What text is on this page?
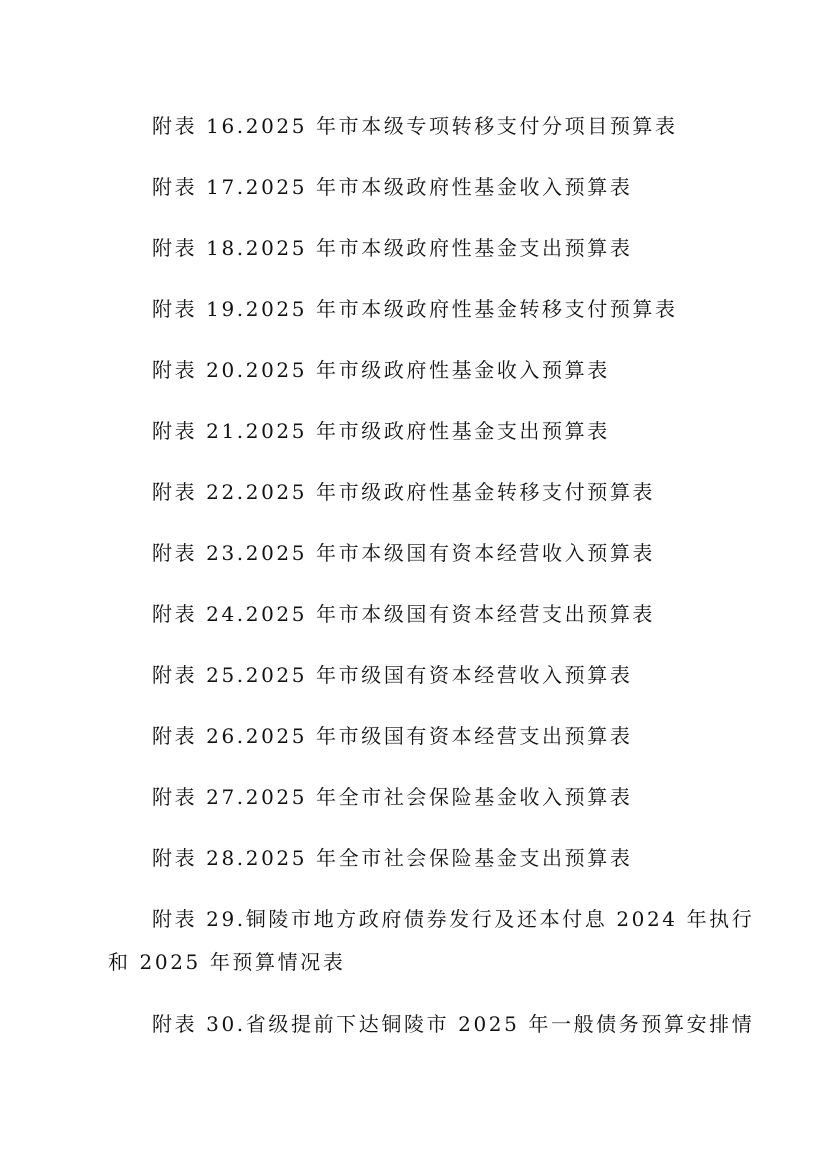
附表 16.2025 年市本级专项转移支付分项目预算表
附表 17.2025 年市本级政府性基金收入预算表
附表 18.2025 年市本级政府性基金支出预算表
附表 19.2025 年市本级政府性基金转移支付预算表
附表 20.2025 年市级政府性基金收入预算表
附表 21.2025 年市级政府性基金支出预算表
附表 22.2025 年市级政府性基金转移支付预算表
附表 23.2025 年市本级国有资本经营收入预算表
附表 24.2025 年市本级国有资本经营支出预算表
附表 25.2025 年市级国有资本经营收入预算表
附表 26.2025 年市级国有资本经营支出预算表
附表 27.2025 年全市社会保险基金收入预算表
附表 28.2025 年全市社会保险基金支出预算表
附表 29.铜陵市地方政府债券发行及还本付息 2024 年执行
和 2025 年预算情况表
附表 30.省级提前下达铜陵市 2025 年一般债务预算安排情
